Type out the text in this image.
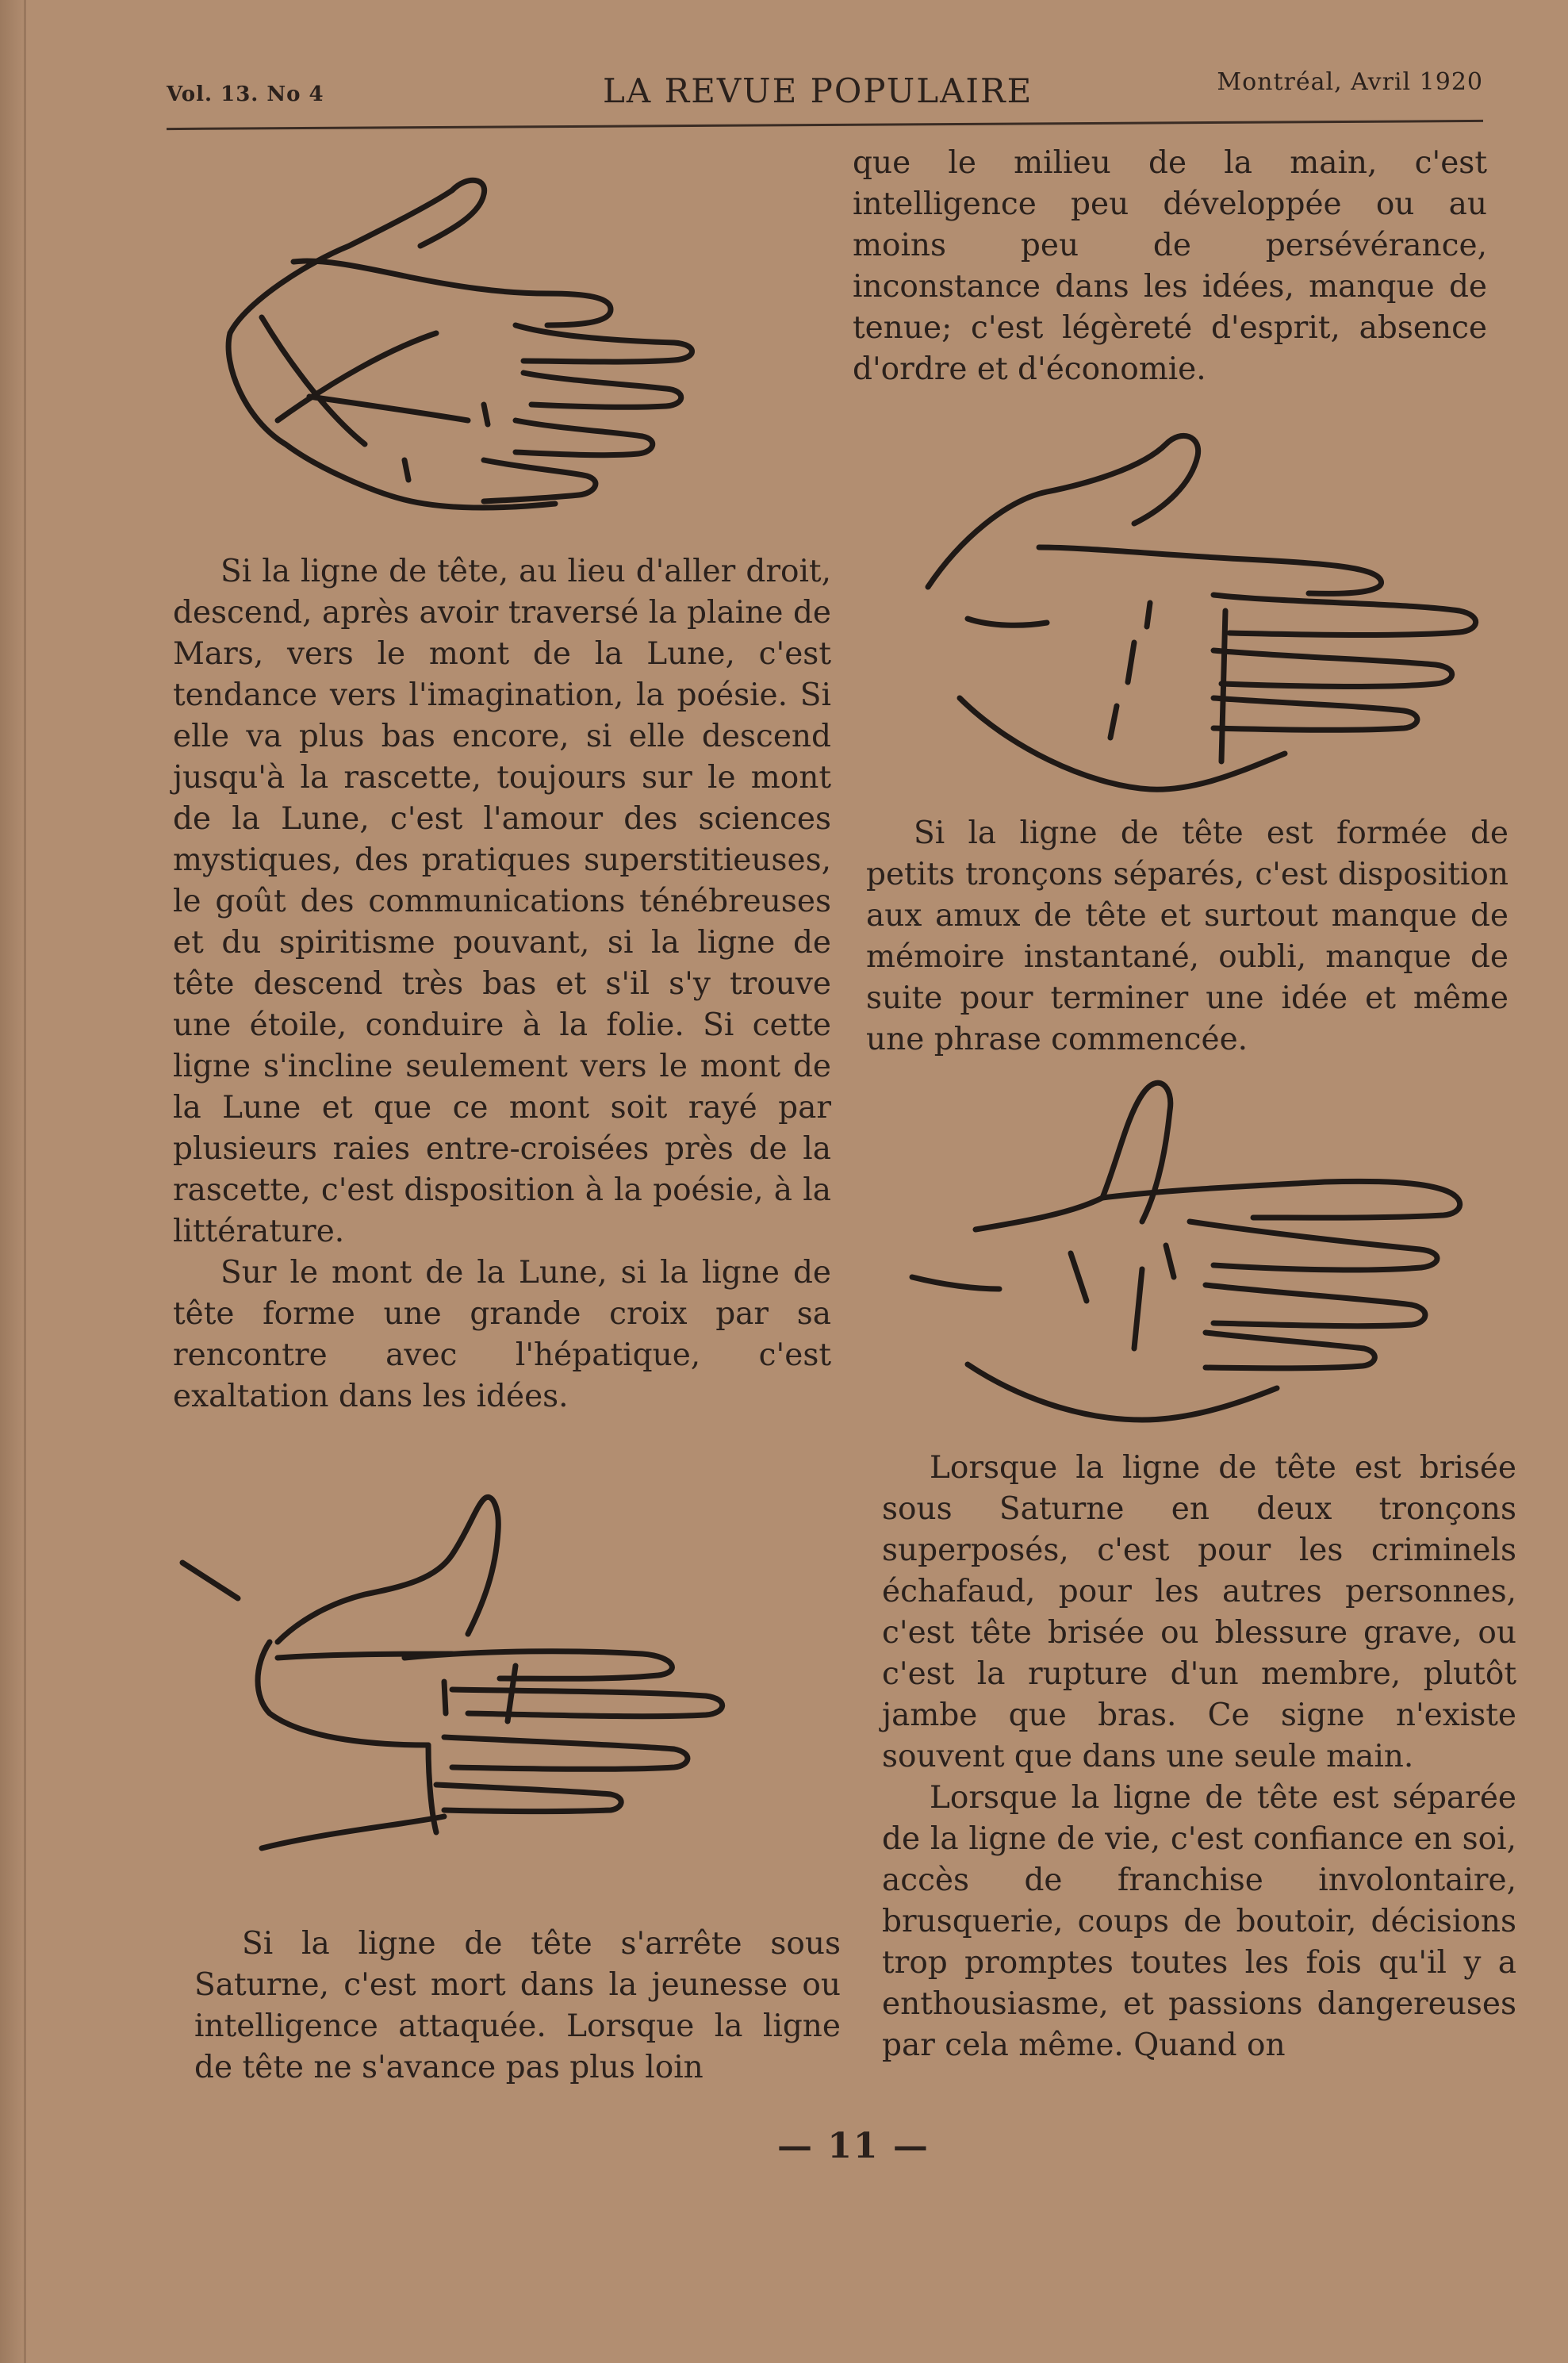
Vol. 13. No 4	LA REVUE POPULAIRE	Montréal, Avril 1920

que le milieu de la main, c'est intelligence peu développée ou au moins peu de persévérance, inconstance dans les idées, manque de tenue; c'est légèreté d'esprit, absence d'ordre et d'économie.

Si la ligne de tête, au lieu d'aller droit, descend, après avoir traversé la plaine de Mars, vers le mont de la Lune, c'est tendance vers l'imagination, la poésie. Si elle va plus bas encore, si elle descend jusqu'à la rascette, toujours sur le mont de la Lune, c'est l'amour des sciences mystiques, des pratiques superstitieuses, le goût des communications ténébreuses et du spiritisme pouvant, si la ligne de tête descend très bas et s'il s'y trouve une étoile, conduire à la folie. Si cette ligne s'incline seulement vers le mont de la Lune et que ce mont soit rayé par plusieurs raies entre-croisées près de la rascette, c'est disposition à la poésie, à la littérature.

Sur le mont de la Lune, si la ligne de tête forme une grande croix par sa rencontre avec l'hépatique, c'est exaltation dans les idées.

Si la ligne de tête est formée de petits tronçons séparés, c'est disposition aux amux de tête et surtout manque de mémoire instantané, oubli, manque de suite pour terminer une idée et même une phrase commencée.

Lorsque la ligne de tête est brisée sous Saturne en deux tronçons superposés, c'est pour les criminels échafaud, pour les autres personnes, c'est tête brisée ou blessure grave, ou c'est la rupture d'un membre, plutôt jambe que bras. Ce signe n'existe souvent que dans une seule main.

Lorsque la ligne de tête est séparée de la ligne de vie, c'est confiance en soi, accès de franchise involontaire, brusquerie, coups de boutoir, décisions trop promptes toutes les fois qu'il y a enthousiasme, et passions dangereuses par cela même. Quand on

Si la ligne de tête s'arrête sous Saturne, c'est mort dans la jeunesse ou intelligence attaquée. Lorsque la ligne de tête ne s'avance pas plus loin

— 11 —
